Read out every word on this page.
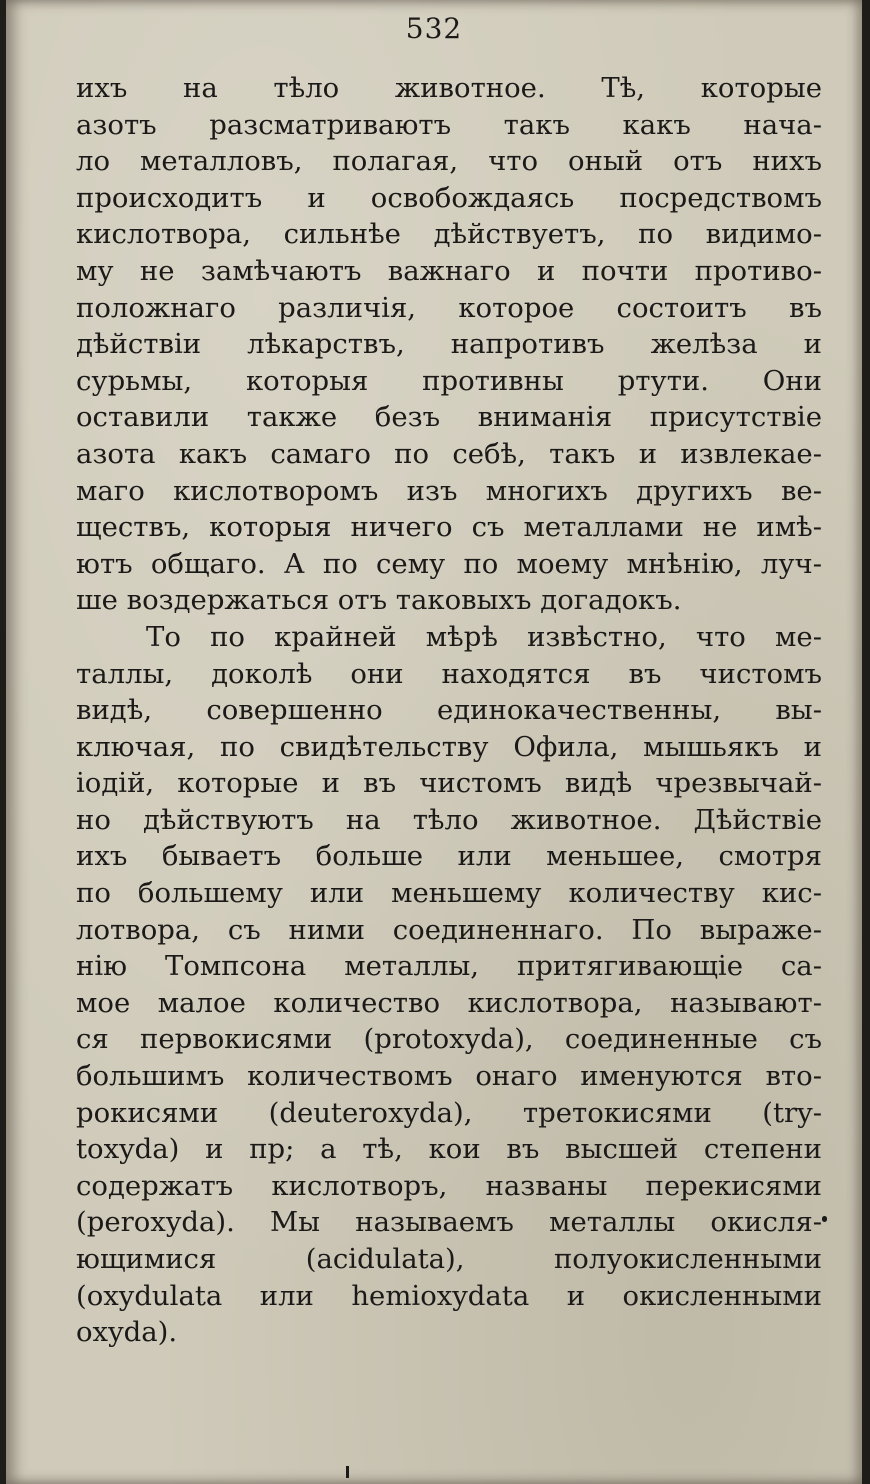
532
ихъ на тѣло животное. Тѣ, которые
азотъ разсматриваютъ такъ какъ нача-
ло металловъ, полагая, что оный отъ нихъ
происходитъ и освобождаясь посредствомъ
кислотвора, сильнѣе дѣйствуетъ, по видимо-
му не замѣчаютъ важнаго и почти противо-
положнаго различія, которое состоитъ въ
дѣйствіи лѣкарствъ, напротивъ желѣза и
сурьмы, которыя противны ртути. Они
оставили также безъ вниманія присутствіе
азота какъ самаго по себѣ, такъ и извлекае-
маго кислотворомъ изъ многихъ другихъ ве-
ществъ, которыя ничего съ металлами не имѣ-
ютъ общаго. А по сему по моему мнѣнію, луч-
ше воздержаться отъ таковыхъ догадокъ.
То по крайней мѣрѣ извѣстно, что ме-
таллы, доколѣ они находятся въ чистомъ
видѣ, совершенно единокачественны, вы-
ключая, по свидѣтельству Офила, мышьякъ и
іодій, которые и въ чистомъ видѣ чрезвычай-
но дѣйствуютъ на тѣло животное. Дѣйствіе
ихъ бываетъ больше или меньшее, смотря
по большему или меньшему количеству кис-
лотвора, съ ними соединеннаго. По выраже-
нію Томпсона металлы, притягивающіе са-
мое малое количество кислотвора, называют-
ся первокисями (protoxyda), соединенные съ
большимъ количествомъ онаго именуются вто-
рокисями (deuteroxyda), третокисями (try-
toxyda) и пр; а тѣ, кои въ высшей степени
содержатъ кислотворъ, названы перекисями
(peroxyda). Мы называемъ металлы окисля-
ющимися (acidulata), полуокисленными
(oxydulata или hemioxydata и окисленными
oxyda).
